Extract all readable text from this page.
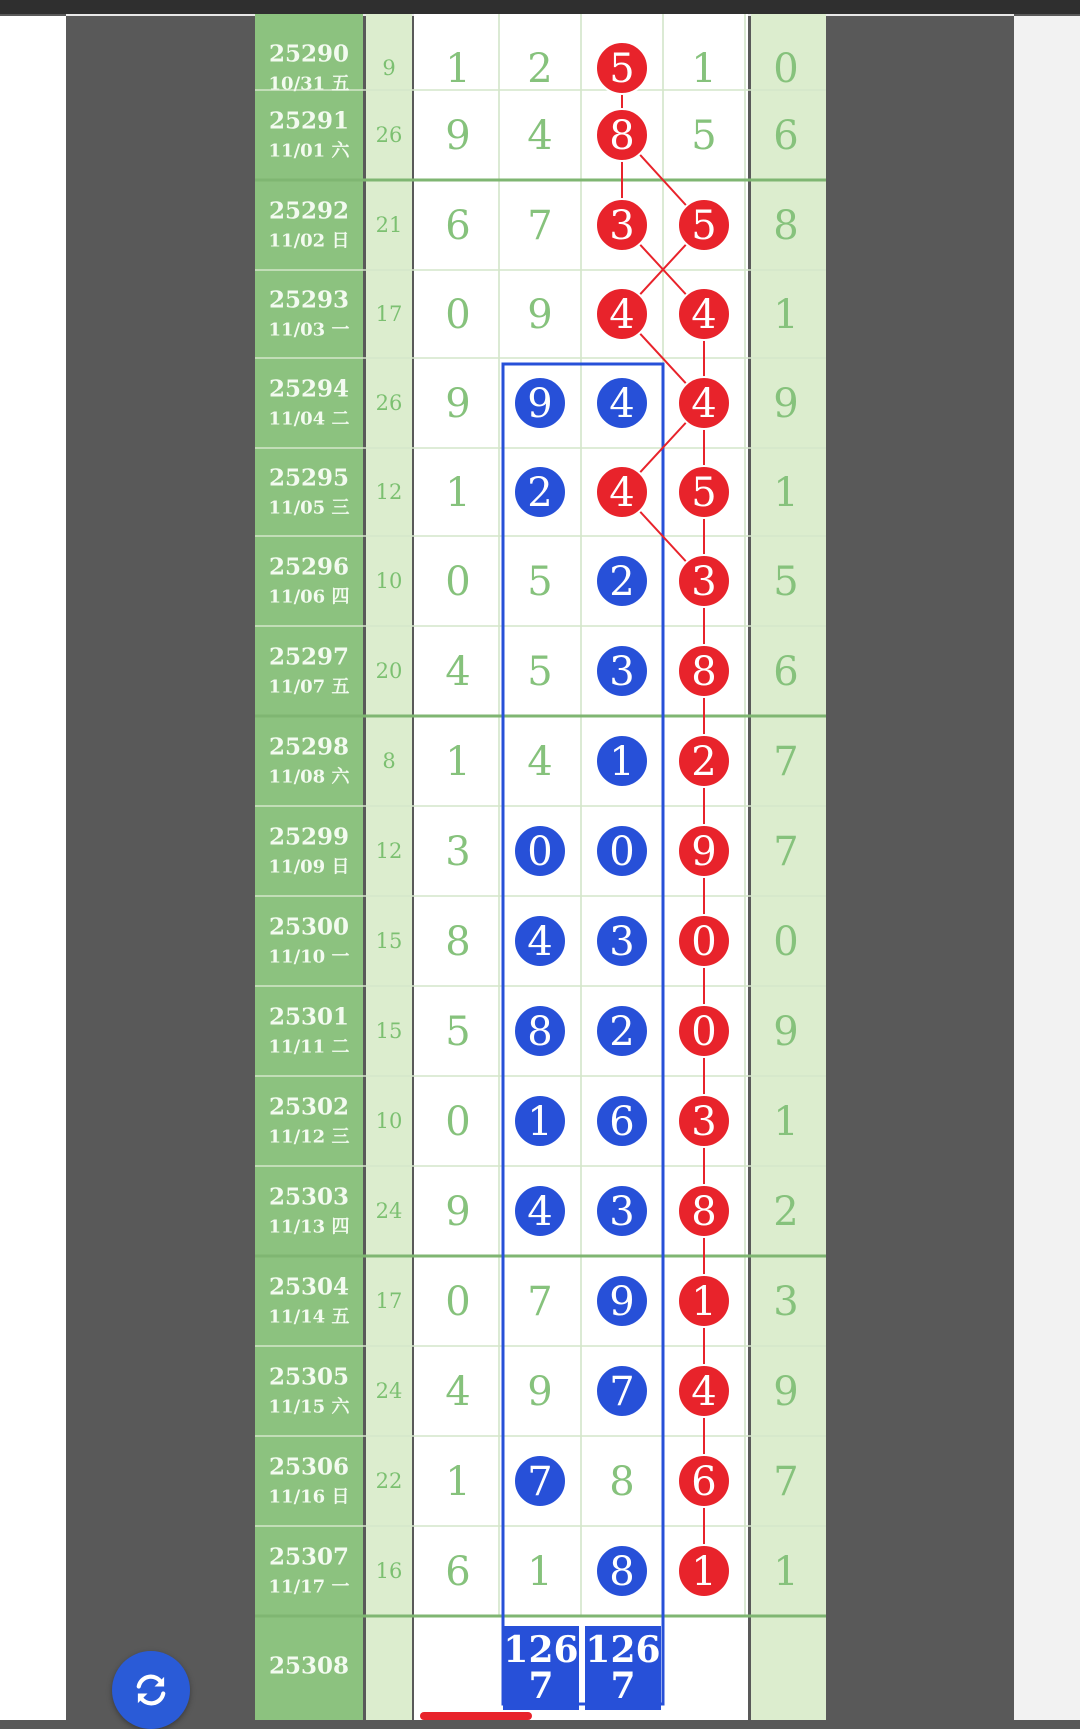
25290
10/31 五
9 1 2 5 1 0
25291
11/01 六
26 9 4 8 5 6
25292
11/02 日
21 6 7 3 5 8
25293
11/03 一
17 0 9 4 4 1
25294
11/04 二
26 9 9 4 4 9
25295
11/05 三
12 1 2 4 5 1
25296
11/06 四
10 0 5 2 3 5
25297
11/07 五
20 4 5 3 8 6
25298
11/08 六
8 1 4 1 2 7
25299
11/09 日
12 3 0 0 9 7
25300
11/10 一
15 8 4 3 0 0
25301
11/11 二
15 5 8 2 0 9
25302
11/12 三
10 0 1 6 3 1
25303
11/13 四
24 9 4 3 8 2
25304
11/14 五
17 0 7 9 1 3
25305
11/15 六
24 4 9 7 4 9
25306
11/16 日
22 1 7 8 6 7
25307
11/17 一
16 6 1 8 1 1
25308	126
7
126
7
